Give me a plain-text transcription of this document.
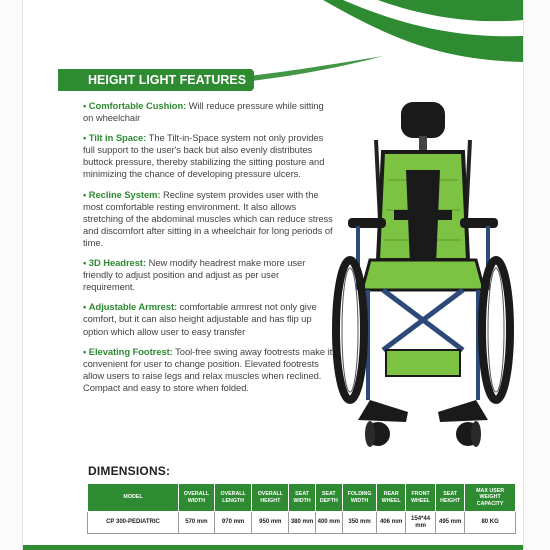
HEIGHT LIGHT FEATURES
• Comfortable Cushion: Will reduce pressure while sitting on wheelchair
• Tilt in Space: The Tilt-in-Space system not only provides full support to the user's back but also evenly distributes buttock pressure, thereby stabilizing the sitting posture and minimizing the chance of developing pressure ulcers.
• Recline System: Recline system provides user with the most comfortable resting environment. It also allows stretching of the abdominal muscles which can reduce stress and discomfort after sitting in a wheelchair for long periods of time.
• 3D Headrest: New modify headrest make more user friendly to adjust position and adjust as per user requirement.
• Adjustable Armrest: comfortable armrest not only give comfort, but it can also height adjustable and has flip up option which allow user to easy transfer
• Elevating Footrest: Tool-free swing away footrests make it convenient for user to change position. Elevated footrests allow users to raise legs and relax muscles when reclined. Compact and easy to store when folded.
DIMENSIONS:
MODEL	OVERALL WIDTH	OVERALL LENGTH	OVERALL HEIGHT	SEAT WIDTH	SEAT DEPTH	FOLDING WIDTH	REAR WHEEL	FRONT WHEEL	SEAT HEIGHT	MAX USER WEIGHT CAPACITY
CP 300-PEDIATRIC	570 mm	970 mm	950 mm	380 mm	400 mm	350 mm	406 mm	154*44 mm	495 mm	80 KG
